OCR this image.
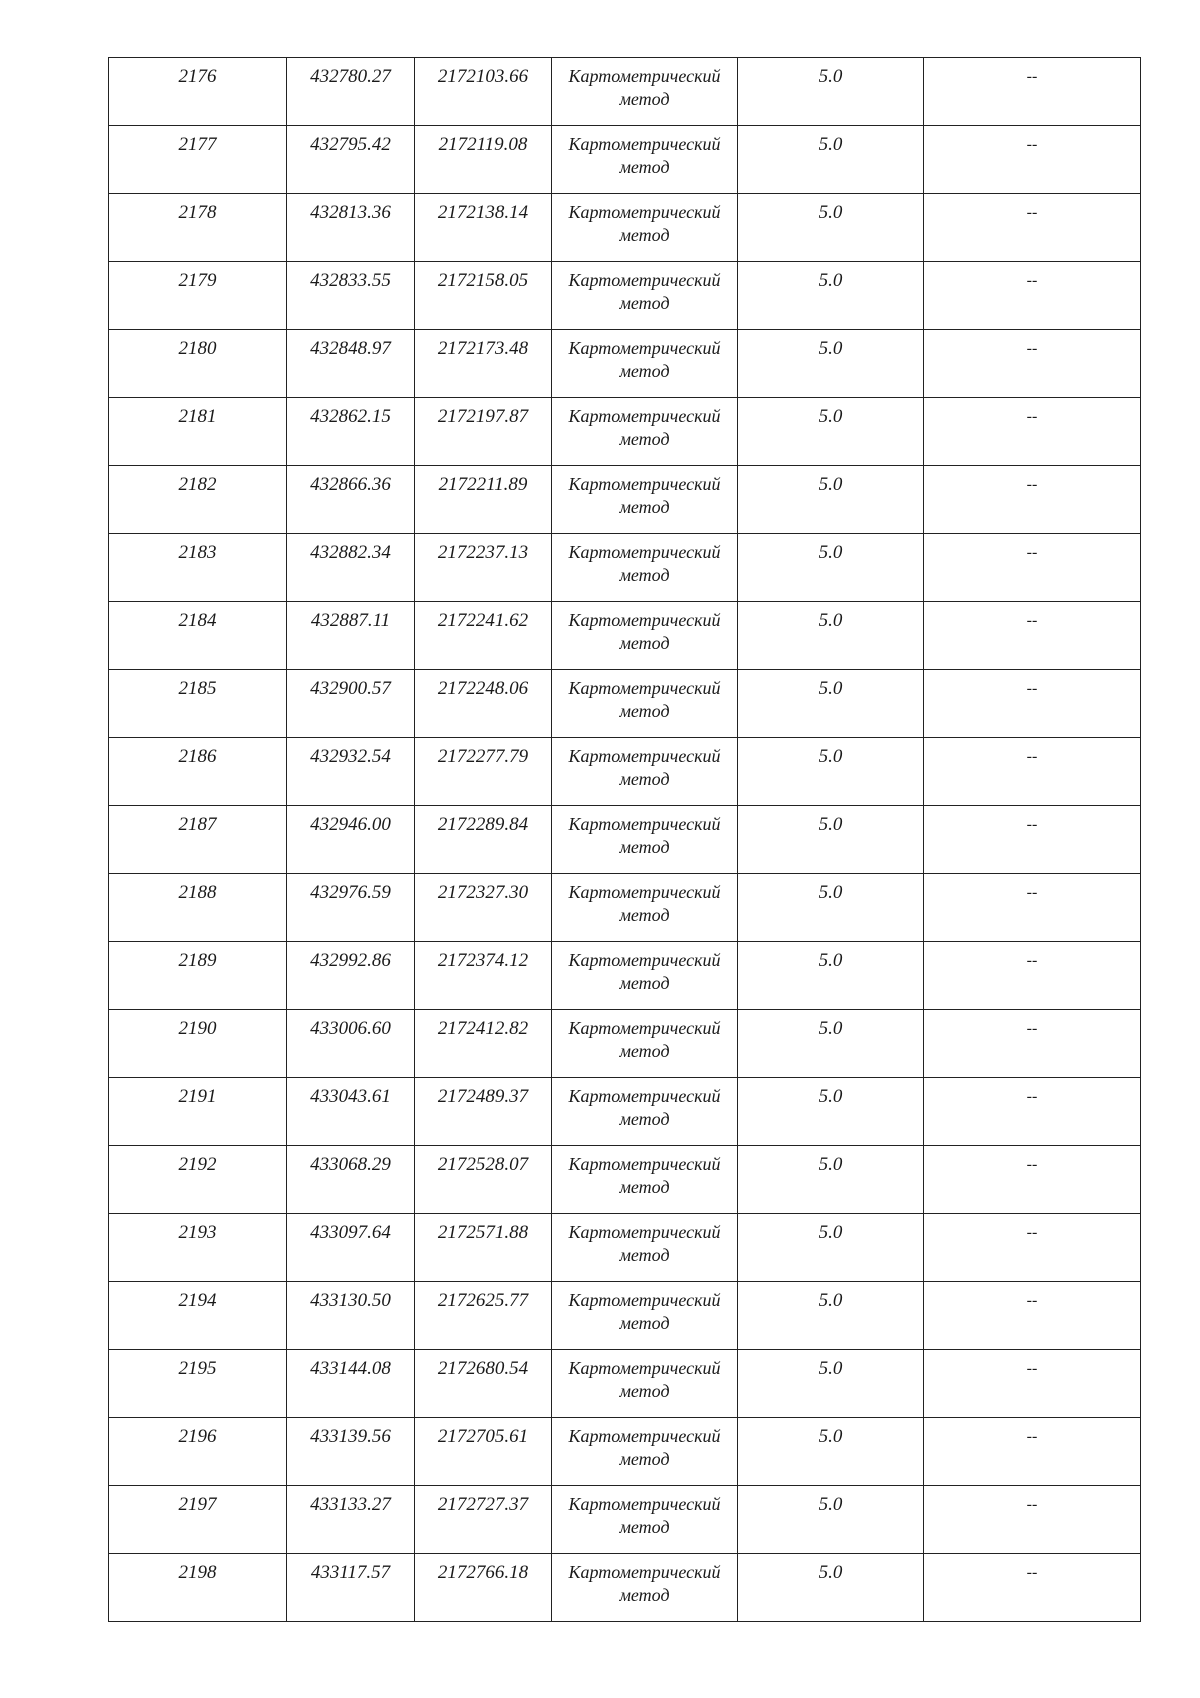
2176	432780.27	2172103.66	Картометрический
метод	5.0	--

2177	432795.42	2172119.08	Картометрический
метод	5.0	--

2178	432813.36	2172138.14	Картометрический
метод	5.0	--

2179	432833.55	2172158.05	Картометрический
метод	5.0	--

2180	432848.97	2172173.48	Картометрический
метод	5.0	--

2181	432862.15	2172197.87	Картометрический
метод	5.0	--

2182	432866.36	2172211.89	Картометрический
метод	5.0	--

2183	432882.34	2172237.13	Картометрический
метод	5.0	--

2184	432887.11	2172241.62	Картометрический
метод	5.0	--

2185	432900.57	2172248.06	Картометрический
метод	5.0	--

2186	432932.54	2172277.79	Картометрический
метод	5.0	--

2187	432946.00	2172289.84	Картометрический
метод	5.0	--

2188	432976.59	2172327.30	Картометрический
метод	5.0	--

2189	432992.86	2172374.12	Картометрический
метод	5.0	--

2190	433006.60	2172412.82	Картометрический
метод	5.0	--

2191	433043.61	2172489.37	Картометрический
метод	5.0	--

2192	433068.29	2172528.07	Картометрический
метод	5.0	--

2193	433097.64	2172571.88	Картометрический
метод	5.0	--

2194	433130.50	2172625.77	Картометрический
метод	5.0	--

2195	433144.08	2172680.54	Картометрический
метод	5.0	--

2196	433139.56	2172705.61	Картометрический
метод	5.0	--

2197	433133.27	2172727.37	Картометрический
метод	5.0	--

2198	433117.57	2172766.18	Картометрический
метод	5.0	--
